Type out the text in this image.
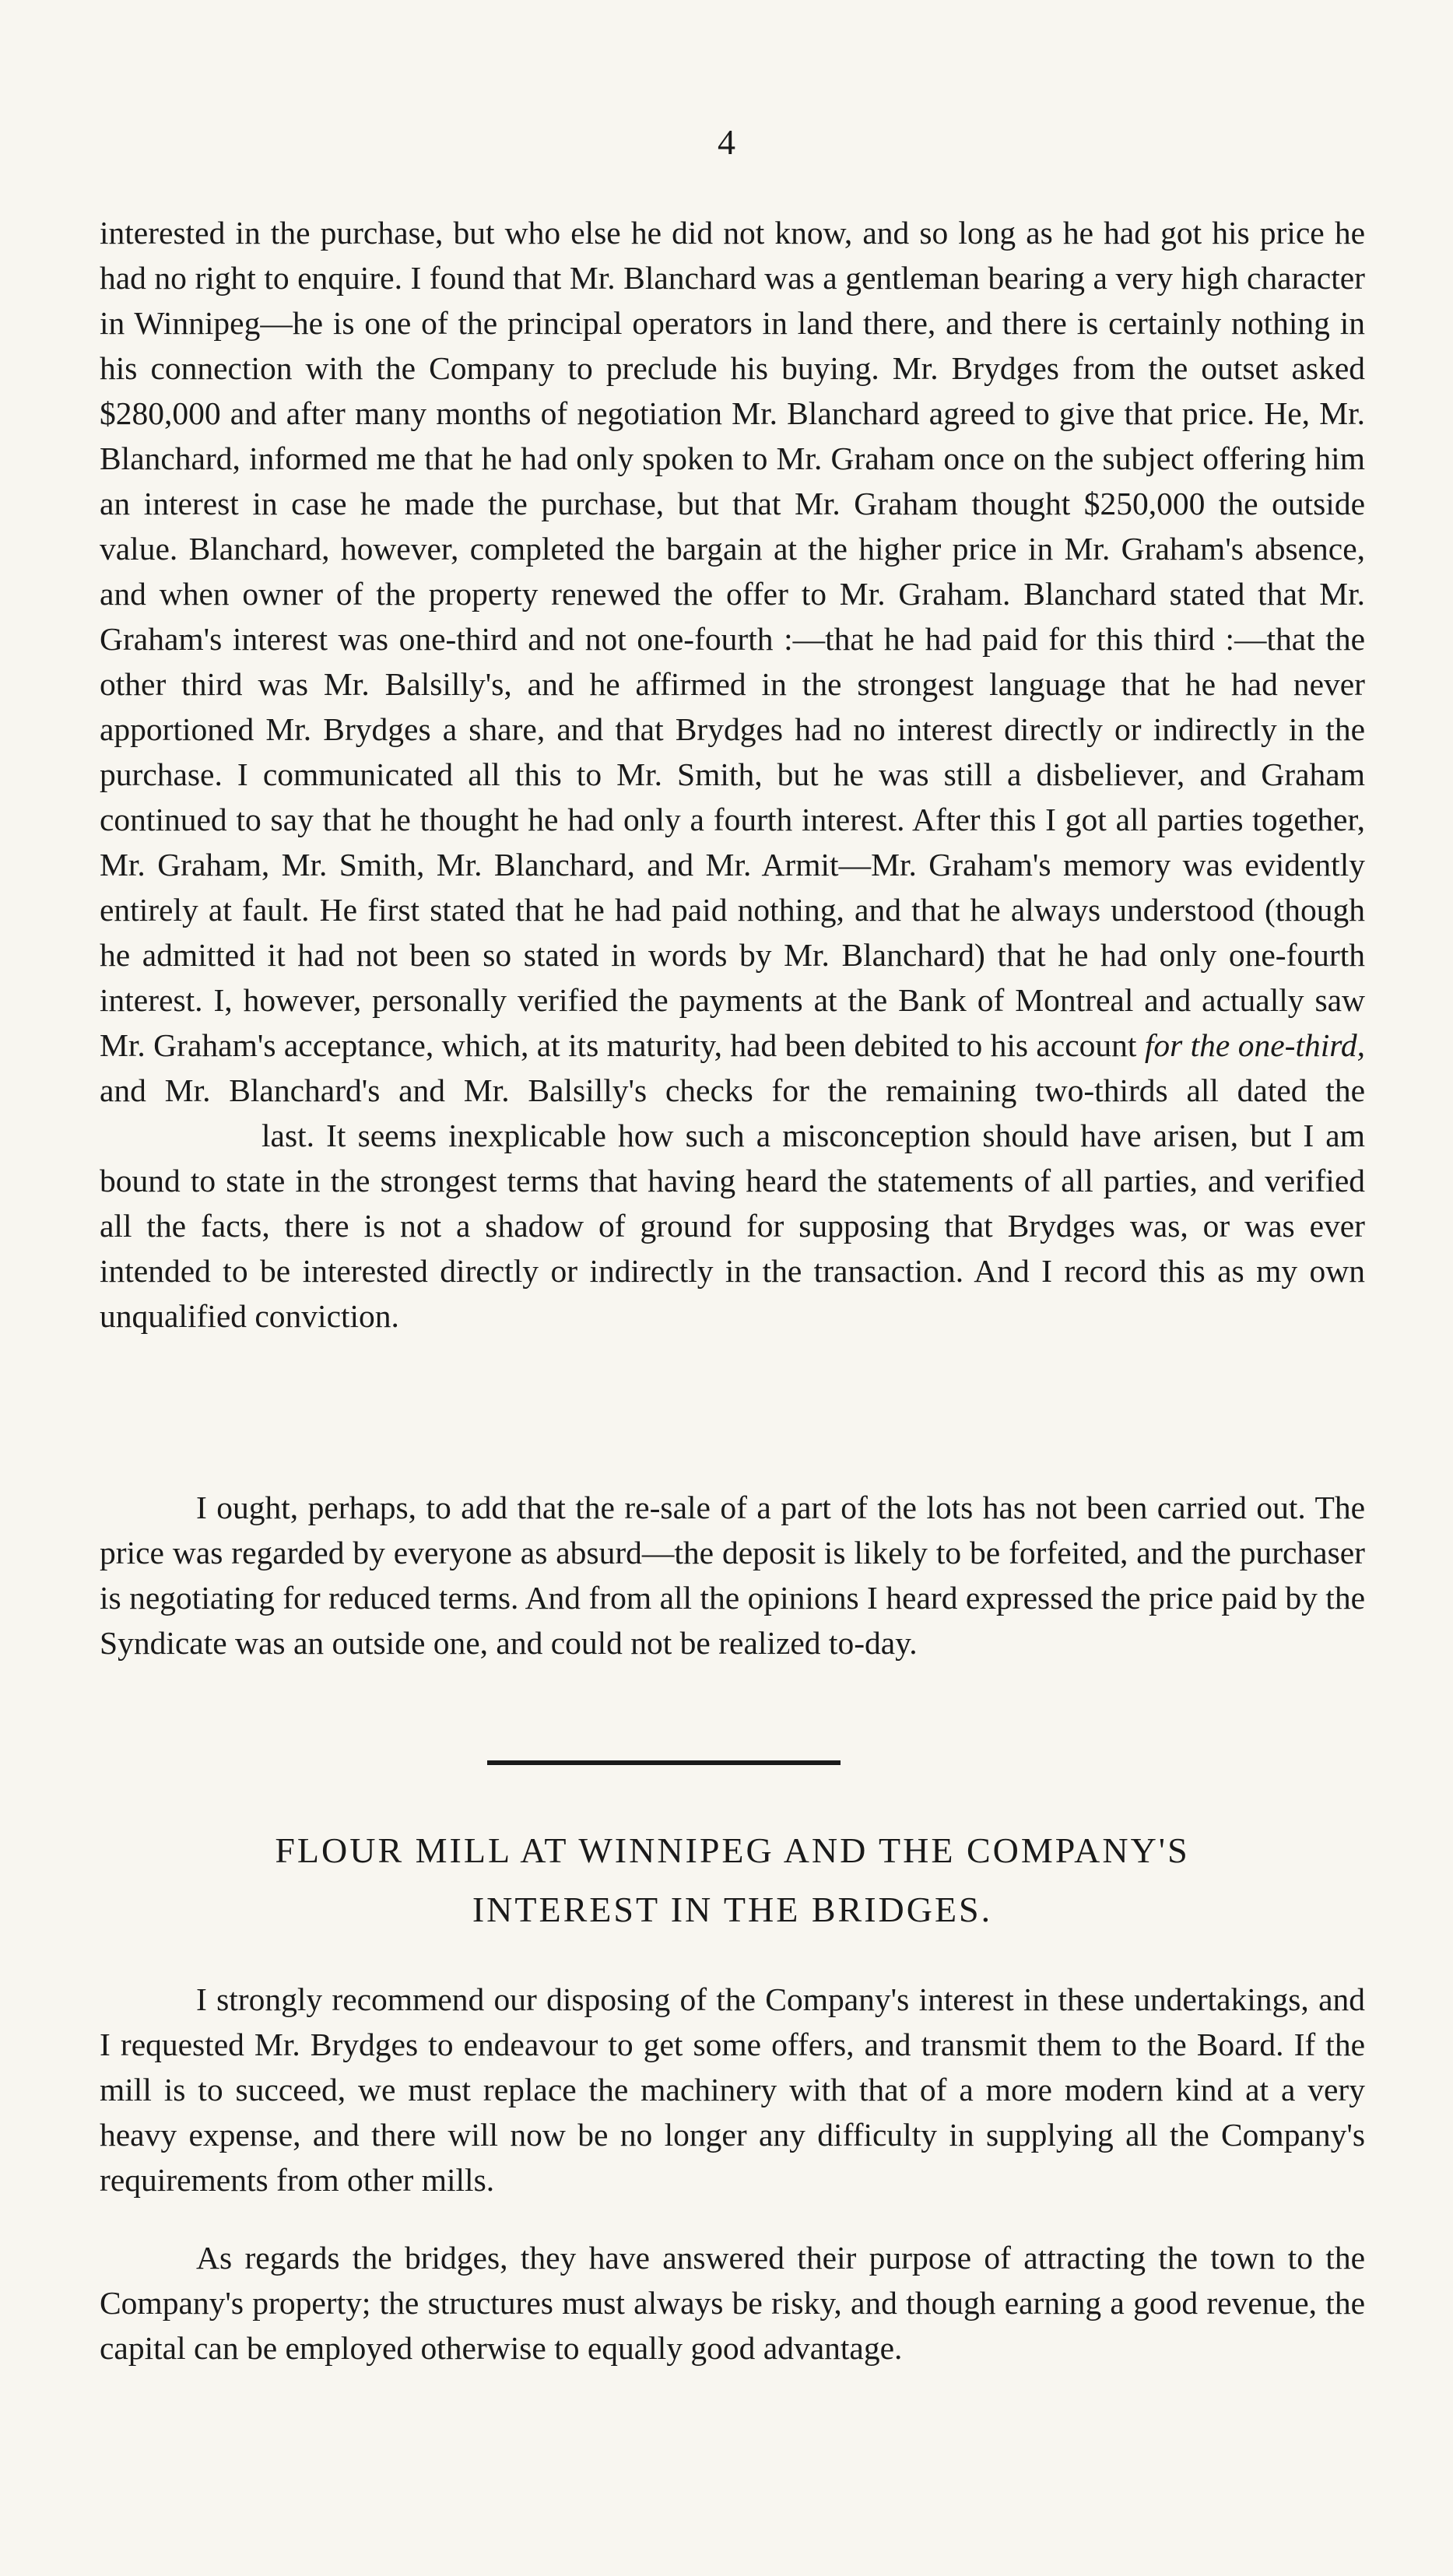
4

interested in the purchase, but who else he did not know, and so long as he had got his price he had no right to enquire. I found that Mr. Blanchard was a gentleman bearing a very high character in Winnipeg—he is one of the principal operators in land there, and there is certainly nothing in his connection with the Company to preclude his buying. Mr. Brydges from the outset asked $280,000 and after many months of negotiation Mr. Blanchard agreed to give that price. He, Mr. Blanchard, informed me that he had only spoken to Mr. Graham once on the subject offering him an interest in case he made the purchase, but that Mr. Graham thought $250,000 the outside value. Blanchard, however, completed the bargain at the higher price in Mr. Graham's absence, and when owner of the property renewed the offer to Mr. Graham. Blanchard stated that Mr. Graham's interest was one-third and not one-fourth :—that he had paid for this third :—that the other third was Mr. Balsilly's, and he affirmed in the strongest language that he had never apportioned Mr. Brydges a share, and that Brydges had no interest directly or indirectly in the purchase. I communicated all this to Mr. Smith, but he was still a disbeliever, and Graham continued to say that he thought he had only a fourth interest. After this I got all parties together, Mr. Graham, Mr. Smith, Mr. Blanchard, and Mr. Armit—Mr. Graham's memory was evidently entirely at fault. He first stated that he had paid nothing, and that he always understood (though he admitted it had not been so stated in words by Mr. Blanchard) that he had only one-fourth interest. I, however, personally verified the payments at the Bank of Montreal and actually saw Mr. Graham's acceptance, which, at its maturity, had been debited to his account for the one-third, and Mr. Blanchard's and Mr. Balsilly's checks for the remaining two-thirds all dated thelast. It seems inexplicable how such a misconception should have arisen, but I am bound to state in the strongest terms that having heard the statements of all parties, and verified all the facts, there is not a shadow of ground for supposing that Brydges was, or was ever intended to be interested directly or indirectly in the transaction. And I record this as my own unqualified conviction.

I ought, perhaps, to add that the re-sale of a part of the lots has not been carried out. The price was regarded by everyone as absurd—the deposit is likely to be forfeited, and the purchaser is negotiating for reduced terms. And from all the opinions I heard expressed the price paid by the Syndicate was an outside one, and could not be realized to-day.

FLOUR MILL AT WINNIPEG AND THE COMPANY'S
INTEREST IN THE BRIDGES.

I strongly recommend our disposing of the Company's interest in these undertakings, and I requested Mr. Brydges to endeavour to get some offers, and transmit them to the Board. If the mill is to succeed, we must replace the machinery with that of a more modern kind at a very heavy expense, and there will now be no longer any difficulty in supplying all the Company's requirements from other mills.

As regards the bridges, they have answered their purpose of attracting the town to the Company's property; the structures must always be risky, and though earning a good revenue, the capital can be employed otherwise to equally good advantage.
